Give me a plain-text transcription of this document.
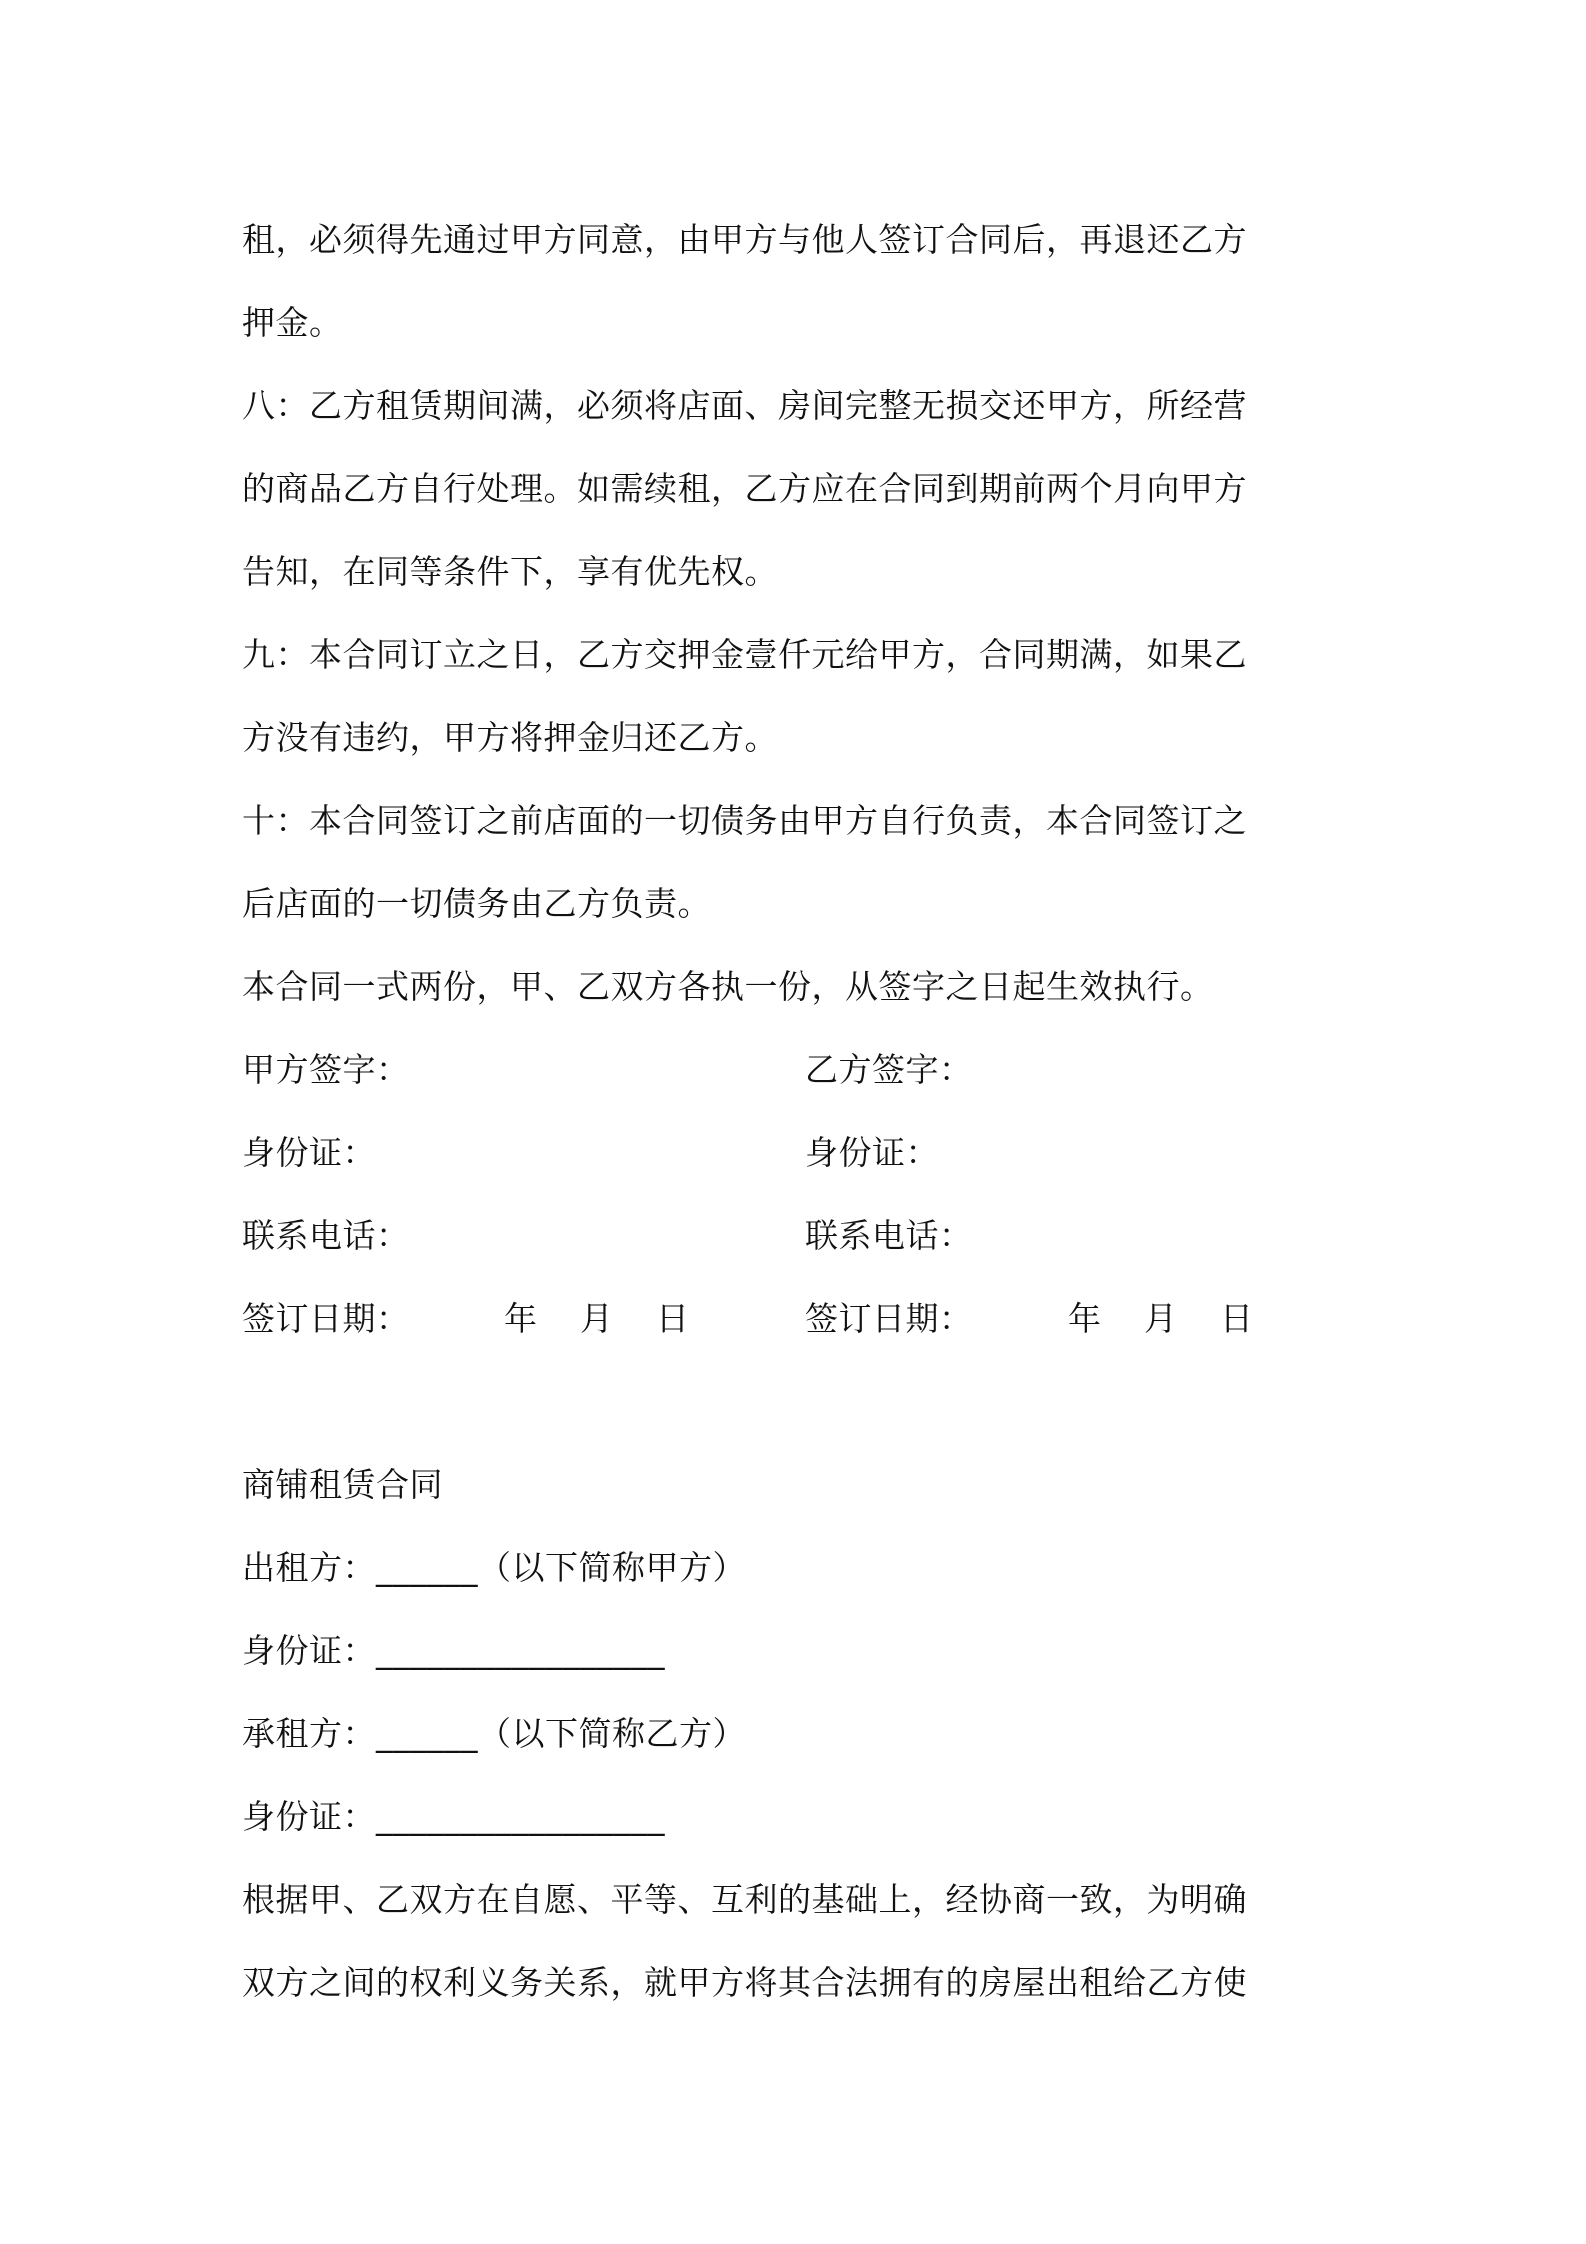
租，必须得先通过甲方同意，由甲方与他人签订合同后，再退还乙方
押金。
八：乙方租赁期间满，必须将店面、房间完整无损交还甲方，所经营
的商品乙方自行处理。如需续租，乙方应在合同到期前两个月向甲方
告知，在同等条件下，享有优先权。
九：本合同订立之日，乙方交押金壹仟元给甲方，合同期满，如果乙
方没有违约，甲方将押金归还乙方。
十：本合同签订之前店面的一切债务由甲方自行负责，本合同签订之
后店面的一切债务由乙方负责。
本合同一式两份，甲、乙双方各执一份，从签字之日起生效执行。
甲方签字：	乙方签字：
身份证：	身份证：
联系电话：	联系电话：
签订日期：	年 月 日	签订日期：	年 月 日
商铺租赁合同
出租方：______（以下简称甲方）
身份证：_________________
承租方：______（以下简称乙方）
身份证：_________________
根据甲、乙双方在自愿、平等、互利的基础上，经协商一致，为明确
双方之间的权利义务关系，就甲方将其合法拥有的房屋出租给乙方使
